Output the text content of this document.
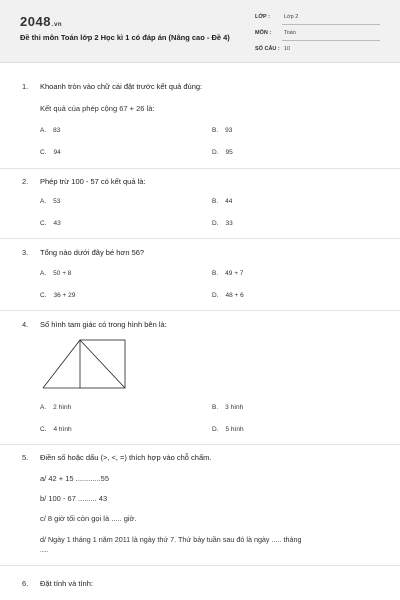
2048.vn
Đề thi môn Toán lớp 2 Học kì 1 có đáp án (Nâng cao - Đề 4)
LỚP :	Lớp 2
MÔN : Toán
SỐ CÂU : 10
1. Khoanh tròn vào chữ cái đặt trước kết quả đúng:
Kết quả của phép cộng 67 + 26 là:
A. 83	B. 93
C. 94	D. 95
2. Phép trừ 100 - 57 có kết quả là:
A. 53	B. 44
C. 43	D. 33
3. Tổng nào dưới đây bé hơn 56?
A. 50 + 8	B. 49 + 7
C. 36 + 29	D. 48 + 6
4. Số hình tam giác có trong hình bên là:
A. 2 hình	B. 3 hình
C. 4 hình	D. 5 hình
5. Điền số hoặc dấu (>, <, =) thích hợp vào chỗ chấm.
a/ 42 + 15 ............55
b/ 100 - 67 ......... 43
c/ 8 giờ tối còn gọi là ..... giờ.
d/ Ngày 1 tháng 1 năm 2011 là ngày thứ 7. Thứ bảy tuần sau đó là ngày ..... tháng
.....
6. Đặt tính và tính:
